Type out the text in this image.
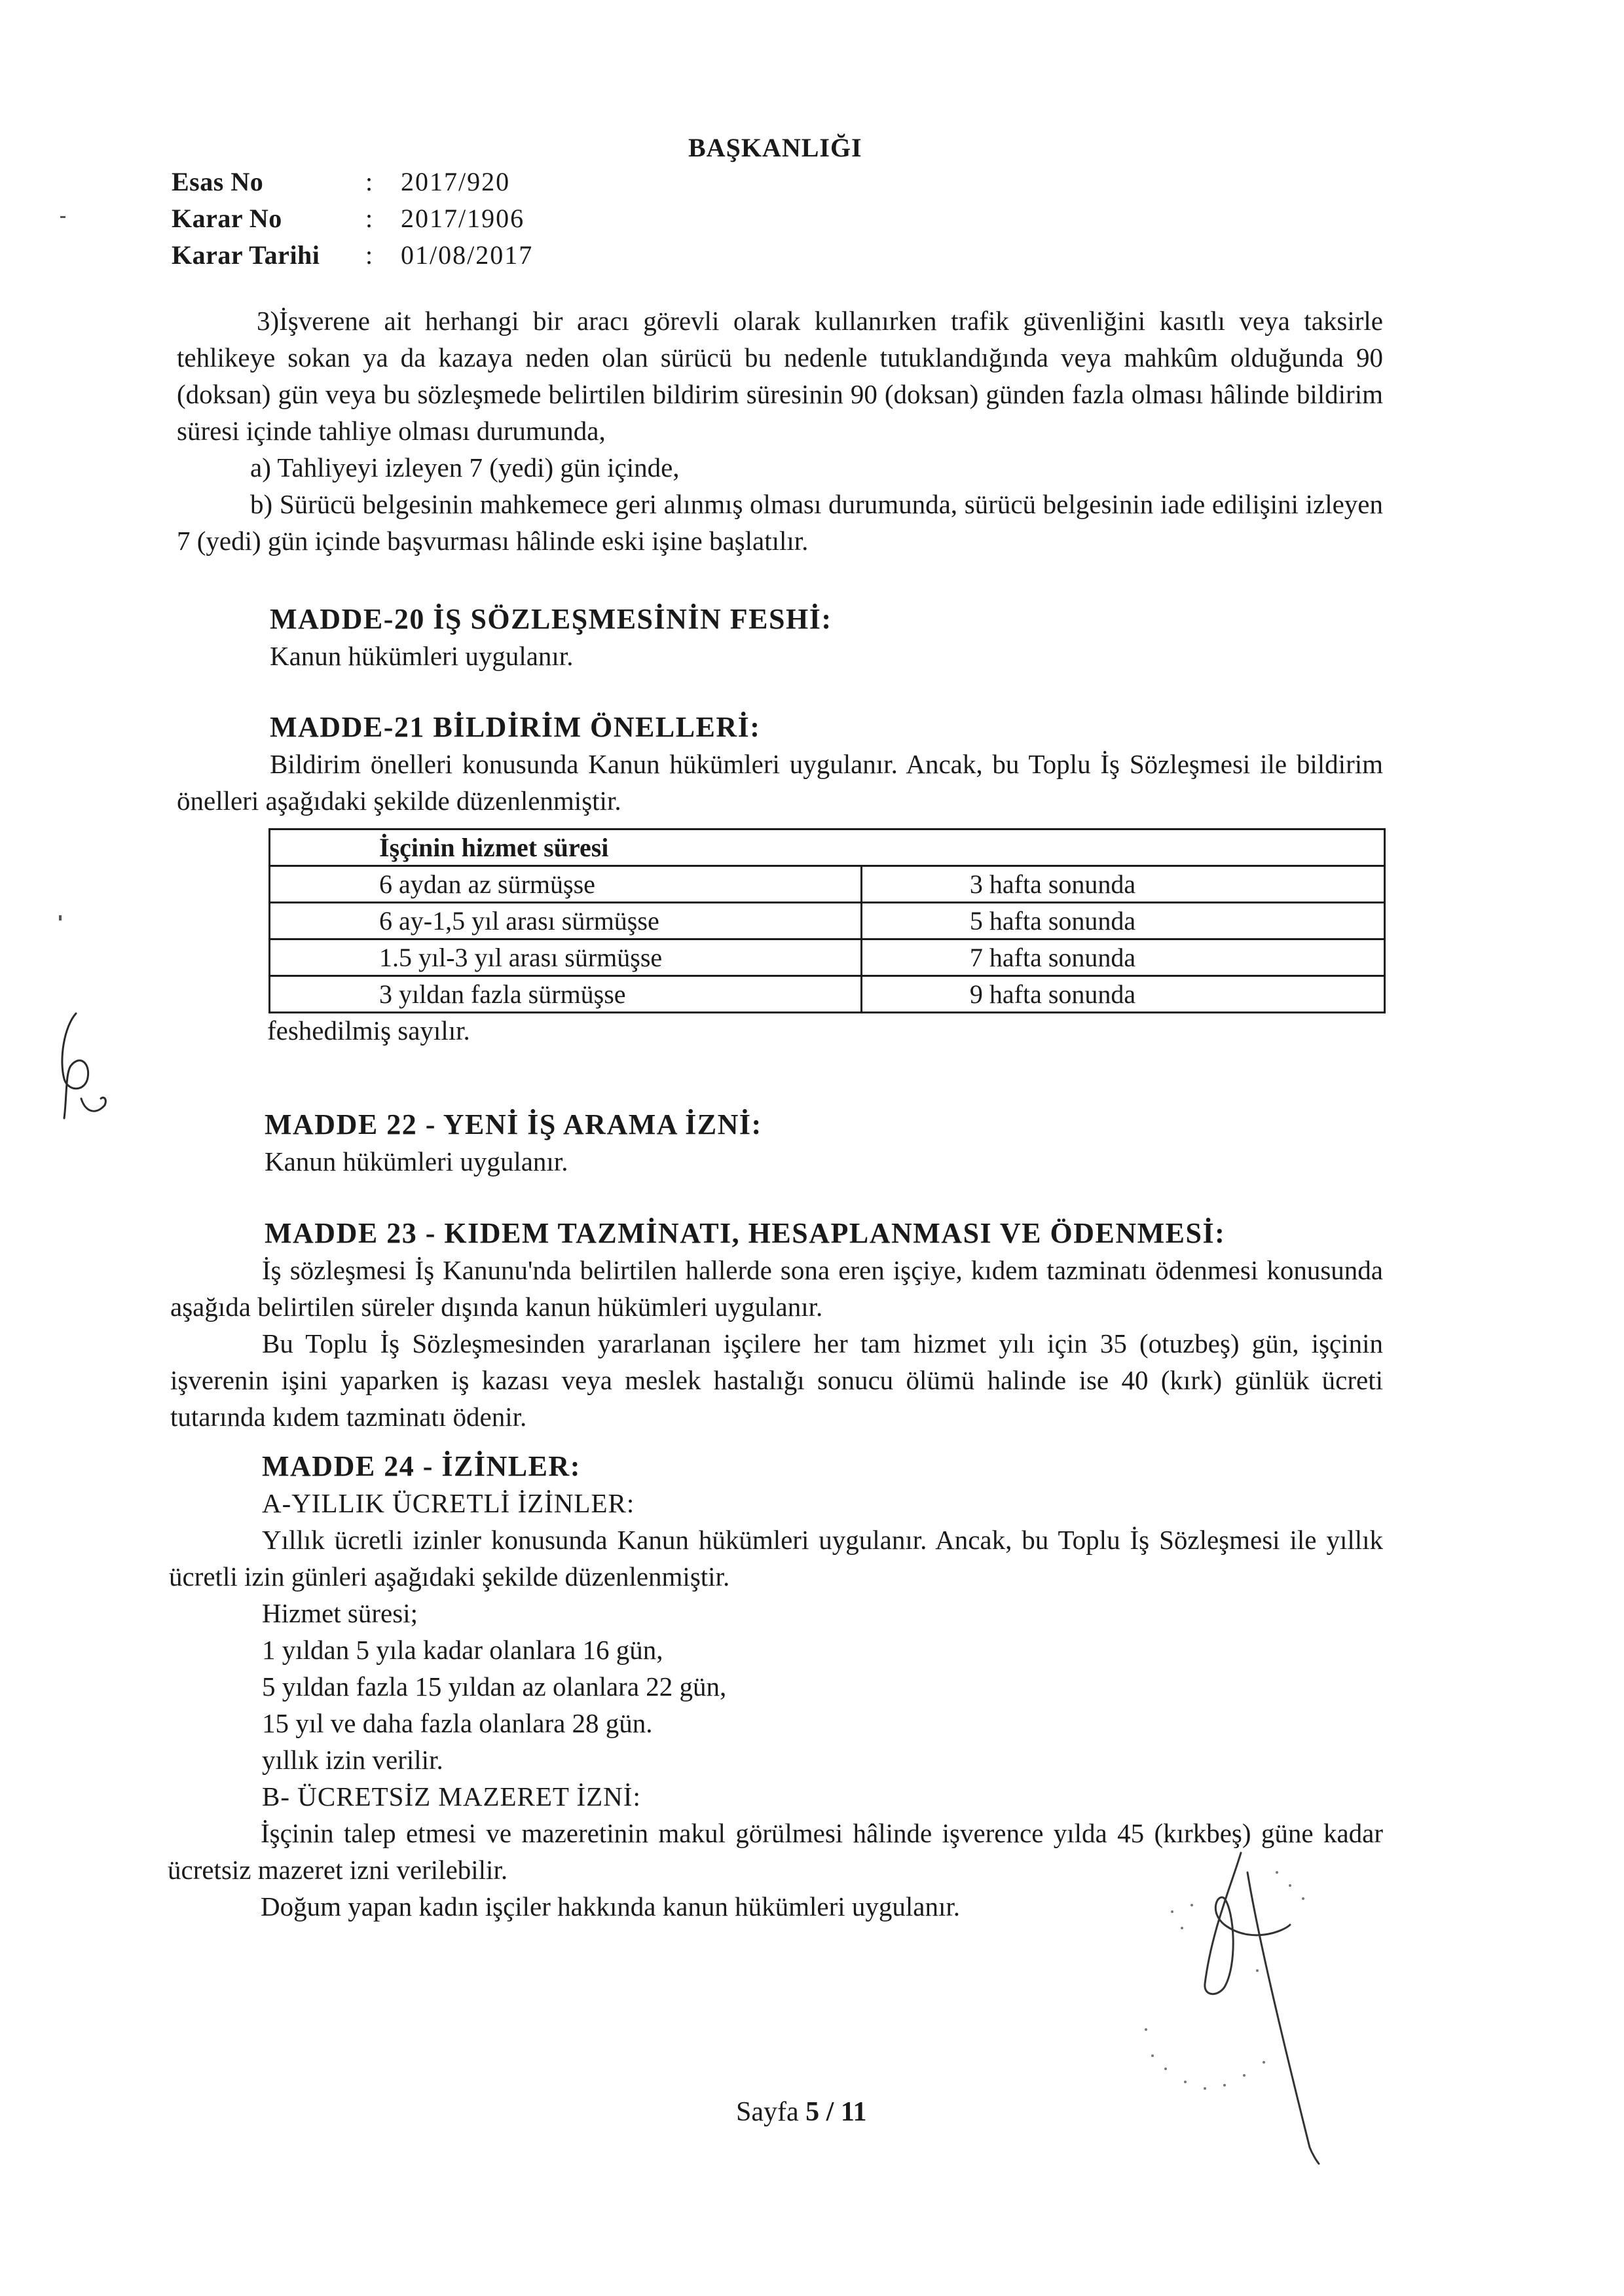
BAŞKANLIĞI
Esas No	: 2017/920
Karar No	: 2017/1906
Karar Tarihi : 01/08/2017

3)İşverene ait herhangi bir aracı görevli olarak kullanırken trafik güvenliğini kasıtlı veya taksirle tehlikeye sokan ya da kazaya neden olan sürücü bu nedenle tutuklandığında veya mahkûm olduğunda 90 (doksan) gün veya bu sözleşmede belirtilen bildirim süresinin 90 (doksan) günden fazla olması hâlinde bildirim süresi içinde tahliye olması durumunda,

a) Tahliyeyi izleyen 7 (yedi) gün içinde,

b) Sürücü belgesinin mahkemece geri alınmış olması durumunda, sürücü belgesinin iade edilişini izleyen 7 (yedi) gün içinde başvurması hâlinde eski işine başlatılır.

MADDE-20 İŞ SÖZLEŞMESİNİN FESHİ:

Kanun hükümleri uygulanır.

MADDE-21 BİLDİRİM ÖNELLERİ:

Bildirim önelleri konusunda Kanun hükümleri uygulanır. Ancak, bu Toplu İş Sözleşmesi ile bildirim önelleri aşağıdaki şekilde düzenlenmiştir.

İşçinin hizmet süresi	
6 aydan az sürmüşse	3 hafta sonunda
6 ay-1,5 yıl arası sürmüşse	5 hafta sonunda
1.5 yıl-3 yıl arası sürmüşse	7 hafta sonunda
3 yıldan fazla sürmüşse	9 hafta sonunda
feshedilmiş sayılır.

MADDE 22 - YENİ İŞ ARAMA İZNİ:

Kanun hükümleri uygulanır.

MADDE 23 - KIDEM TAZMİNATI, HESAPLANMASI VE ÖDENMESİ:

İş sözleşmesi İş Kanunu'nda belirtilen hallerde sona eren işçiye, kıdem tazminatı ödenmesi konusunda aşağıda belirtilen süreler dışında kanun hükümleri uygulanır.

Bu Toplu İş Sözleşmesinden yararlanan işçilere her tam hizmet yılı için 35 (otuzbeş) gün, işçinin işverenin işini yaparken iş kazası veya meslek hastalığı sonucu ölümü halinde ise 40 (kırk) günlük ücreti tutarında kıdem tazminatı ödenir.

MADDE 24 - İZİNLER:

A-YILLIK ÜCRETLİ İZİNLER:

Yıllık ücretli izinler konusunda Kanun hükümleri uygulanır. Ancak, bu Toplu İş Sözleşmesi ile yıllık ücretli izin günleri aşağıdaki şekilde düzenlenmiştir.

Hizmet süresi;
1 yıldan 5 yıla kadar olanlara 16 gün,
5 yıldan fazla 15 yıldan az olanlara 22 gün,
15 yıl ve daha fazla olanlara 28 gün.
yıllık izin verilir.
B- ÜCRETSİZ MAZERET İZNİ:

İşçinin talep etmesi ve mazeretinin makul görülmesi hâlinde işverence yılda 45 (kırkbeş) güne kadar ücretsiz mazeret izni verilebilir.

Doğum yapan kadın işçiler hakkında kanun hükümleri uygulanır.

Sayfa 5 / 11
